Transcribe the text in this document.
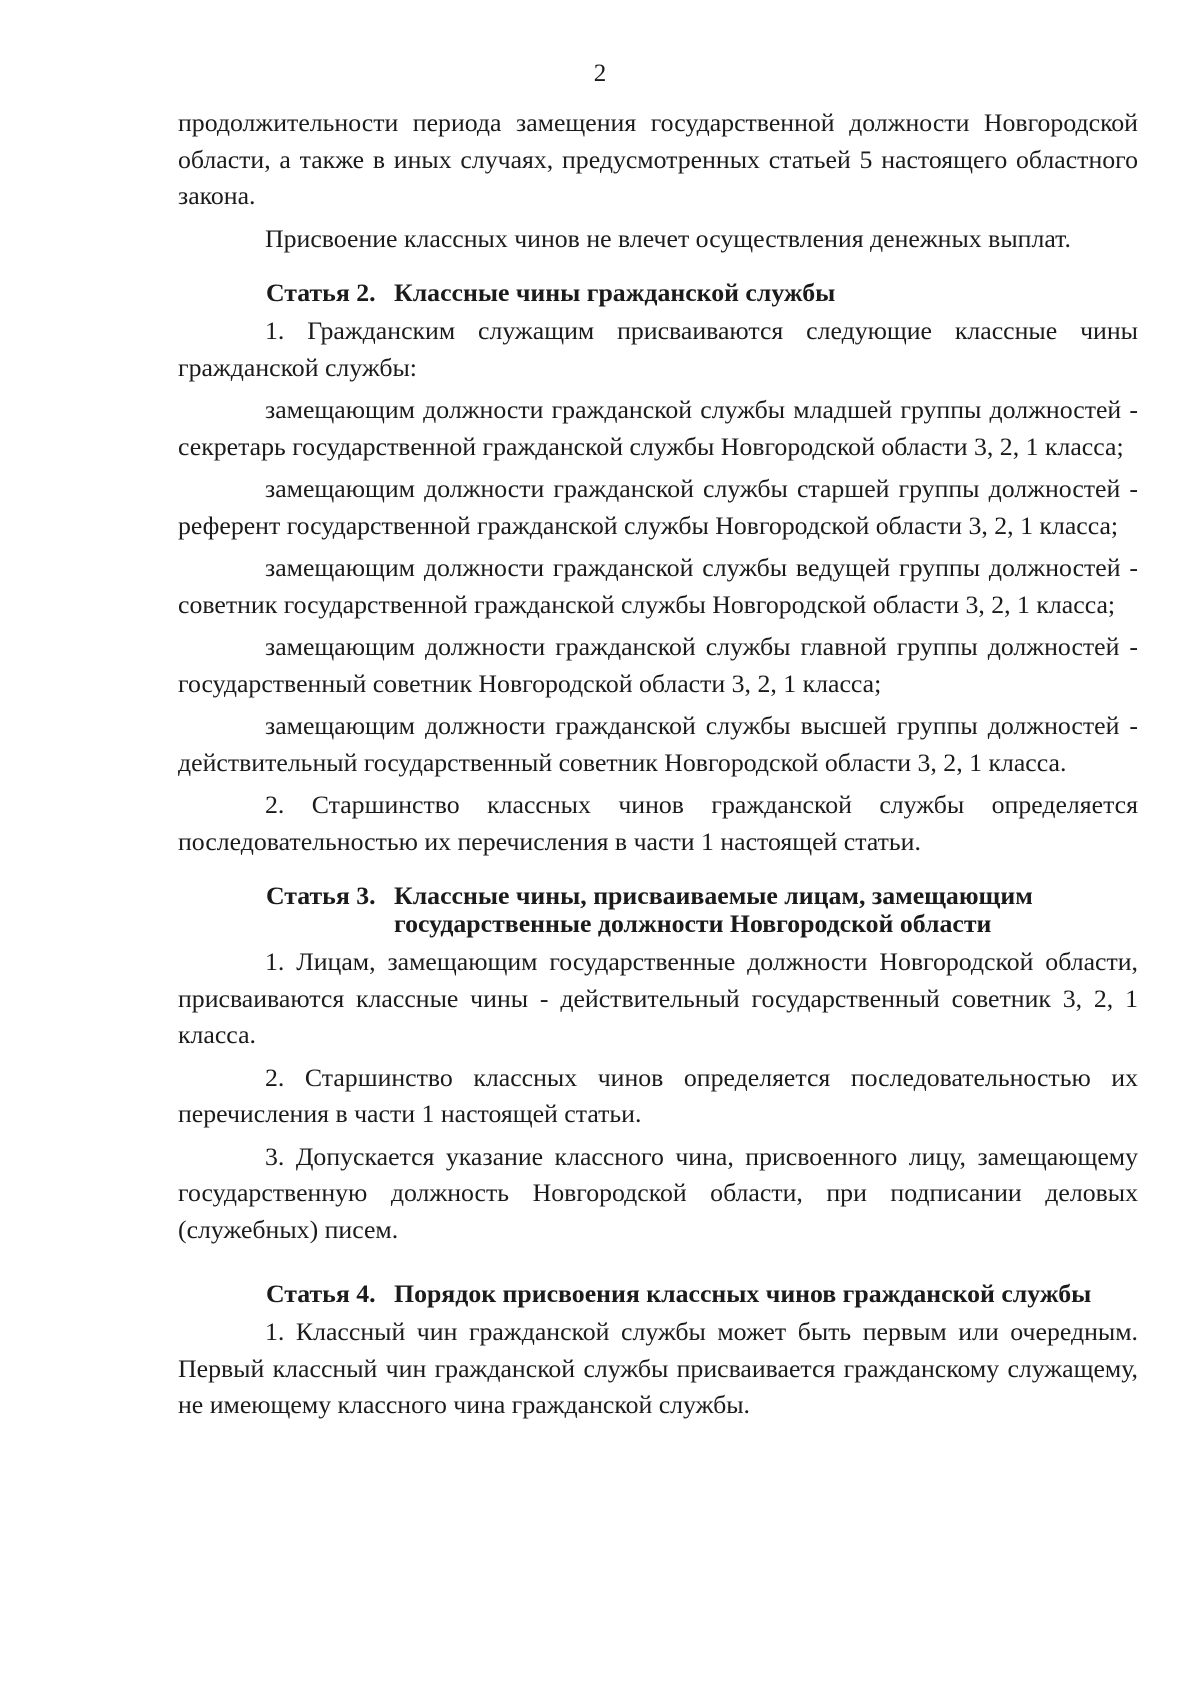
2

продолжительности периода замещения государственной должности Новгородской области, а также в иных случаях, предусмотренных статьей 5 настоящего областного закона.

Присвоение классных чинов не влечет осуществления денежных выплат.

Статья 2. Классные чины гражданской службы

1. Гражданским служащим присваиваются следующие классные чины гражданской службы:

замещающим должности гражданской службы младшей группы должностей - секретарь государственной гражданской службы Новгородской области 3, 2, 1 класса;

замещающим должности гражданской службы старшей группы должностей - референт государственной гражданской службы Новгородской области 3, 2, 1 класса;

замещающим должности гражданской службы ведущей группы должностей - советник государственной гражданской службы Новгородской области 3, 2, 1 класса;

замещающим должности гражданской службы главной группы должностей - государственный советник Новгородской области 3, 2, 1 класса;

замещающим должности гражданской службы высшей группы должностей - действительный государственный советник Новгородской области 3, 2, 1 класса.

2. Старшинство классных чинов гражданской службы определяется последовательностью их перечисления в части 1 настоящей статьи.

Статья 3. Классные чины, присваиваемые лицам, замещающим государственные должности Новгородской области

1. Лицам, замещающим государственные должности Новгородской области, присваиваются классные чины - действительный государственный советник 3, 2, 1 класса.

2. Старшинство классных чинов определяется последовательностью их перечисления в части 1 настоящей статьи.

3. Допускается указание классного чина, присвоенного лицу, замещающему государственную должность Новгородской области, при подписании деловых (служебных) писем.

Статья 4. Порядок присвоения классных чинов гражданской службы

1. Классный чин гражданской службы может быть первым или очередным. Первый классный чин гражданской службы присваивается гражданскому служащему, не имеющему классного чина гражданской службы.
